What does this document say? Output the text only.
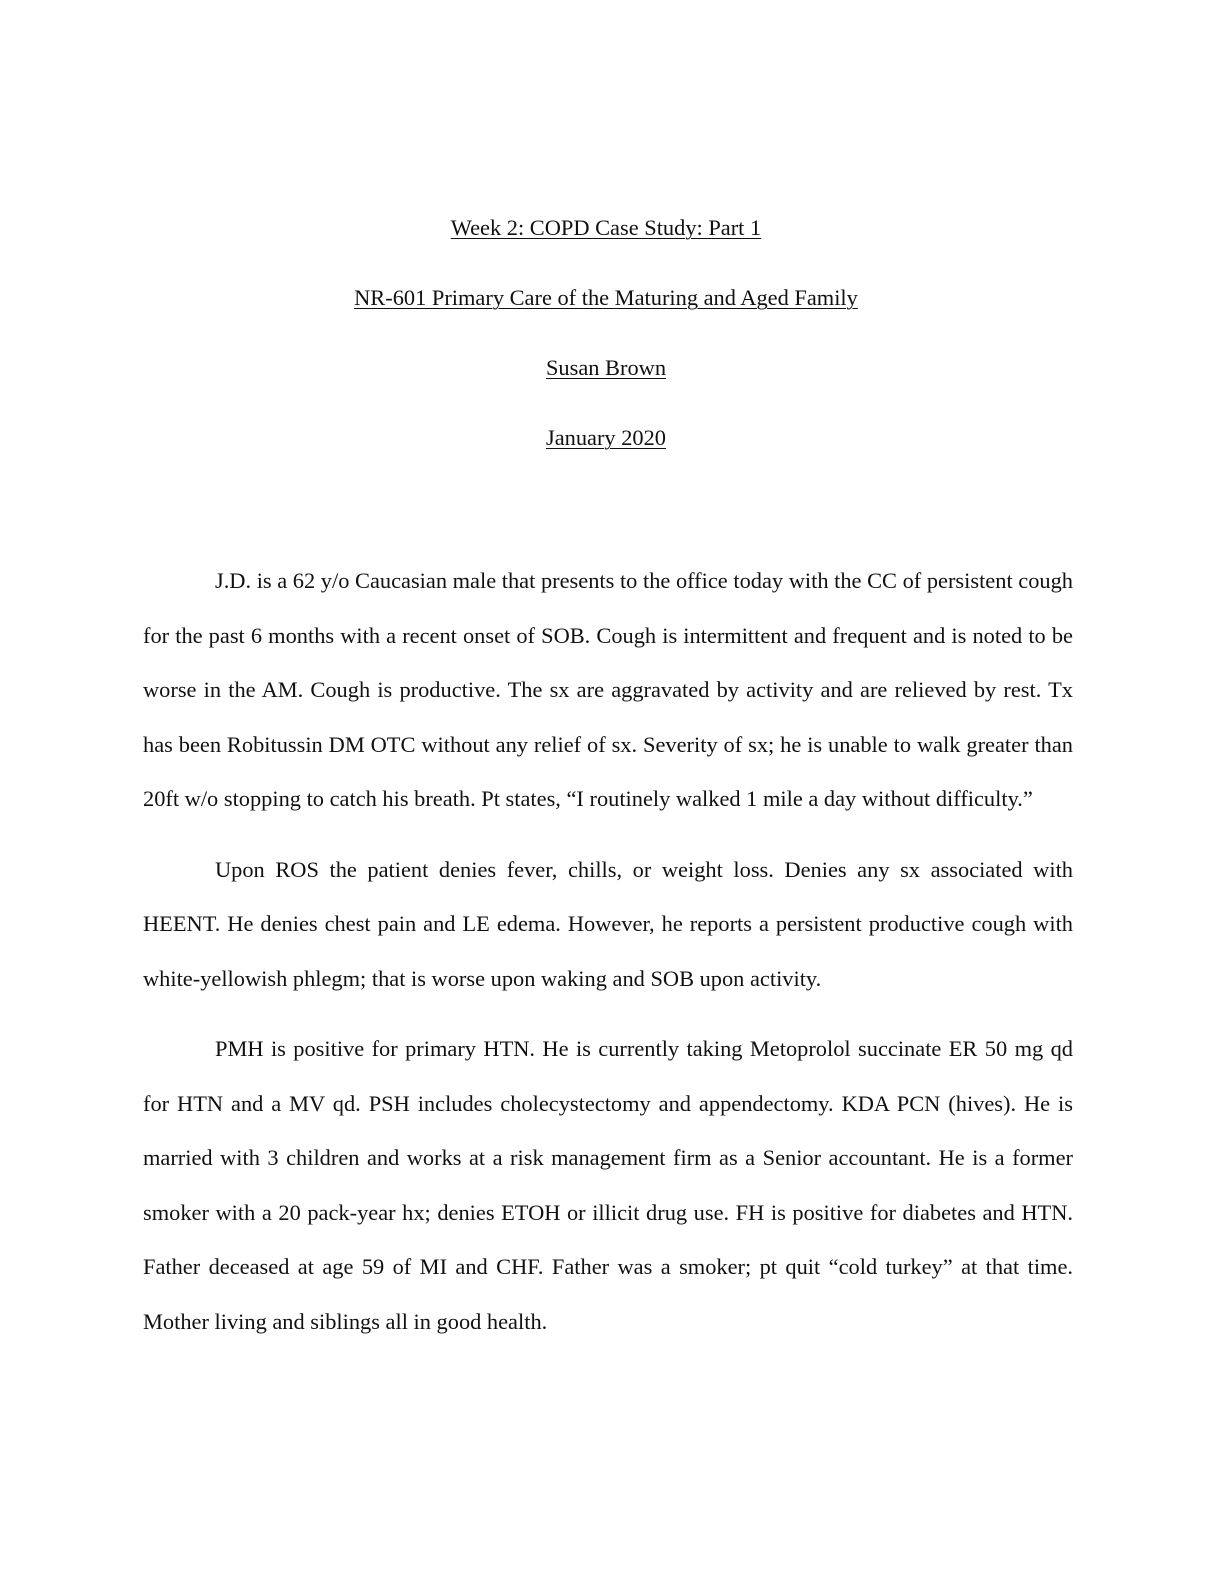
Week 2: COPD Case Study: Part 1
NR-601 Primary Care of the Maturing and Aged Family
Susan Brown
January 2020

J.D. is a 62 y/o Caucasian male that presents to the office today with the CC of persistent cough for the past 6 months with a recent onset of SOB. Cough is intermittent and frequent and is noted to be worse in the AM. Cough is productive. The sx are aggravated by activity and are relieved by rest. Tx has been Robitussin DM OTC without any relief of sx. Severity of sx; he is unable to walk greater than 20ft w/o stopping to catch his breath. Pt states, “I routinely walked 1 mile a day without difficulty.”

Upon ROS the patient denies fever, chills, or weight loss. Denies any sx associated with HEENT. He denies chest pain and LE edema. However, he reports a persistent productive cough with white-yellowish phlegm; that is worse upon waking and SOB upon activity.

PMH is positive for primary HTN. He is currently taking Metoprolol succinate ER 50 mg qd for HTN and a MV qd. PSH includes cholecystectomy and appendectomy. KDA PCN (hives). He is married with 3 children and works at a risk management firm as a Senior accountant. He is a former smoker with a 20 pack-year hx; denies ETOH or illicit drug use. FH is positive for diabetes and HTN. Father deceased at age 59 of MI and CHF. Father was a smoker; pt quit “cold turkey” at that time. Mother living and siblings all in good health.
